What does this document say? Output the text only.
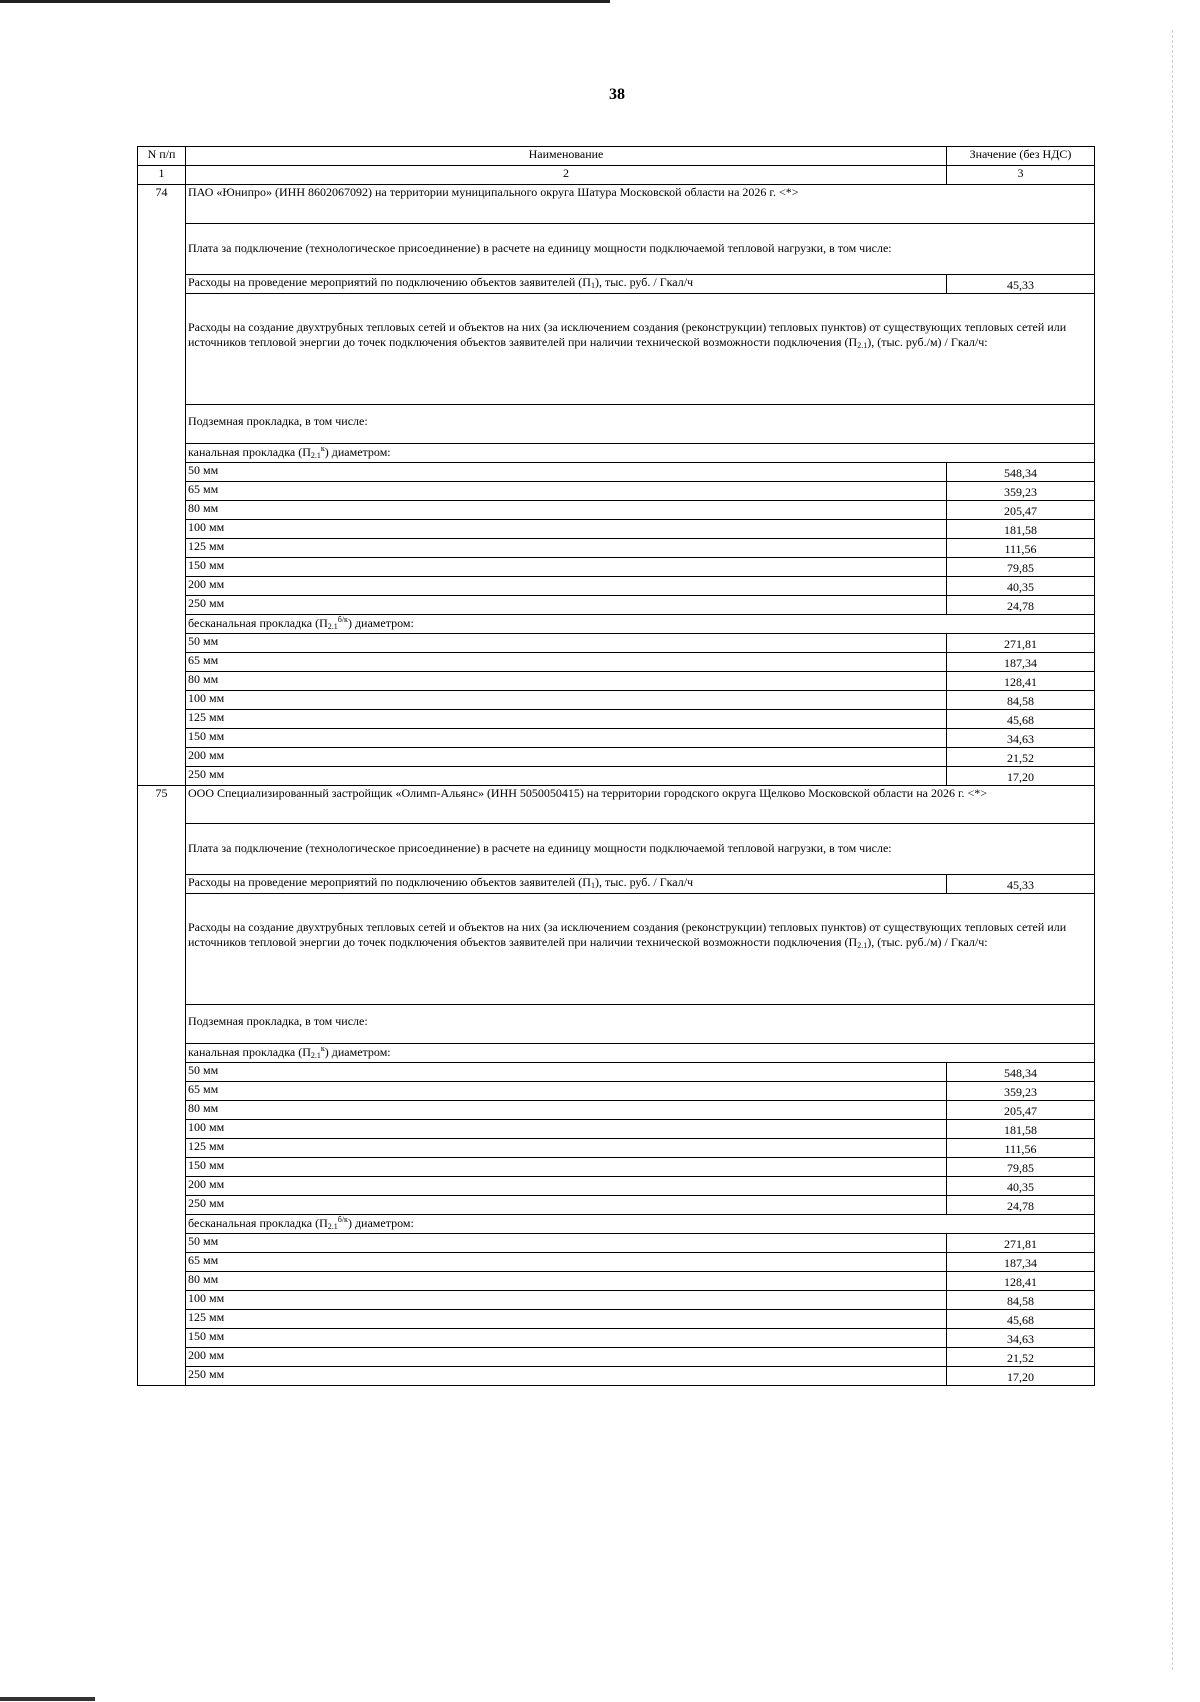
38
N п/п	Наименование	Значение (без НДС)
1	2	3
74	ПАО «Юнипро» (ИНН 8602067092) на территории муниципального округа Шатура Московской области на 2026 г. <*>	
	Плата за подключение (технологическое присоединение) в расчете на единицу мощности подключаемой тепловой нагрузки, в том числе:	
	Расходы на проведение мероприятий по подключению объектов заявителей $(П_1)$, тыс. руб. / Гкал/ч	45,33
	Расходы на создание двухтрубных тепловых сетей и объектов на них (за исключением создания (реконструкции) тепловых пунктов) от существующих тепловых сетей или источников тепловой энергии до точек подключения объектов заявителей при наличии технической возможности подключения $(П_{2.1})$, (тыс. руб./м) / Гкал/ч:	
	Подземная прокладка, в том числе:	
	канальная прокладка $(П_{2.1}^к)$ диаметром:	
	50 мм	548,34
	65 мм	359,23
	80 мм	205,47
	100 мм	181,58
	125 мм	111,56
	150 мм	79,85
	200 мм	40,35
	250 мм	24,78
	бесканальная прокладка $(П_{2.1}^{б/к})$ диаметром:	
	50 мм	271,81
	65 мм	187,34
	80 мм	128,41
	100 мм	84,58
	125 мм	45,68
	150 мм	34,63
	200 мм	21,52
	250 мм	17,20
75	ООО Специализированный застройщик «Олимп-Альянс» (ИНН 5050050415) на территории городского округа Щелково Московской области на 2026 г. <*>	
	Плата за подключение (технологическое присоединение) в расчете на единицу мощности подключаемой тепловой нагрузки, в том числе:	
	Расходы на проведение мероприятий по подключению объектов заявителей $(П_1)$, тыс. руб. / Гкал/ч	45,33
	Расходы на создание двухтрубных тепловых сетей и объектов на них (за исключением создания (реконструкции) тепловых пунктов) от существующих тепловых сетей или источников тепловой энергии до точек подключения объектов заявителей при наличии технической возможности подключения $(П_{2.1})$, (тыс. руб./м) / Гкал/ч:	
	Подземная прокладка, в том числе:	
	канальная прокладка $(П_{2.1}^к)$ диаметром:	
	50 мм	548,34
	65 мм	359,23
	80 мм	205,47
	100 мм	181,58
	125 мм	111,56
	150 мм	79,85
	200 мм	40,35
	250 мм	24,78
	бесканальная прокладка $(П_{2.1}^{б/к})$ диаметром:	
	50 мм	271,81
	65 мм	187,34
	80 мм	128,41
	100 мм	84,58
	125 мм	45,68
	150 мм	34,63
	200 мм	21,52
	250 мм	17,20
